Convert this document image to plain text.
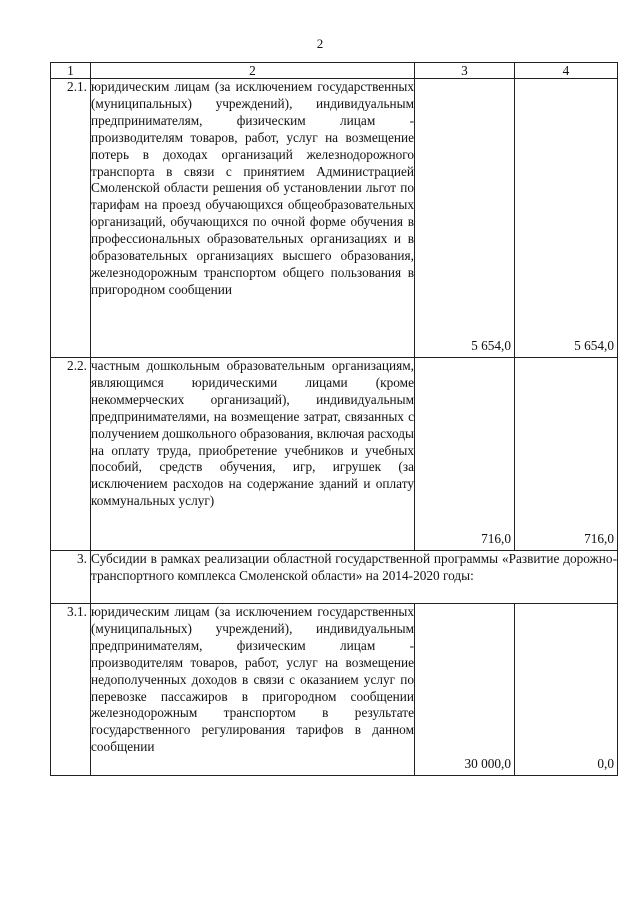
2
1	2	3	4
2.1.	юридическим лицам (за исключением государственных (муниципальных) учреждений), индивидуальным предпринимателям, физическим лицам - производителям товаров, работ, услуг на возмещение потерь в доходах организаций железнодорожного транспорта в связи с принятием Администрацией Смоленской области решения об установлении льгот по тарифам на проезд обучающихся общеобразовательных организаций, обучающихся по очной форме обучения в профессиональных образовательных организациях и в образовательных организациях высшего образования, железнодорожным транспортом общего пользования в пригородном сообщении	5 654,0	5 654,0
2.2.	частным дошкольным образовательным организациям, являющимся юридическими лицами (кроме некоммерческих организаций), индивидуальным предпринимателями, на возмещение затрат, связанных с получением дошкольного образования, включая расходы на оплату труда, приобретение учебников и учебных пособий, средств обучения, игр, игрушек (за исключением расходов на содержание зданий и оплату коммунальных услуг)	716,0	716,0
3.	Субсидии в рамках реализации областной государственной программы «Развитие дорожно-транспортного комплекса Смоленской области» на 2014-2020 годы:		
3.1.	юридическим лицам (за исключением государственных (муниципальных) учреждений), индивидуальным предпринимателям, физическим лицам - производителям товаров, работ, услуг на возмещение недополученных доходов в связи с оказанием услуг по перевозке пассажиров в пригородном сообщении железнодорожным транспортом в результате государственного регулирования тарифов в данном сообщении	30 000,0	0,0
